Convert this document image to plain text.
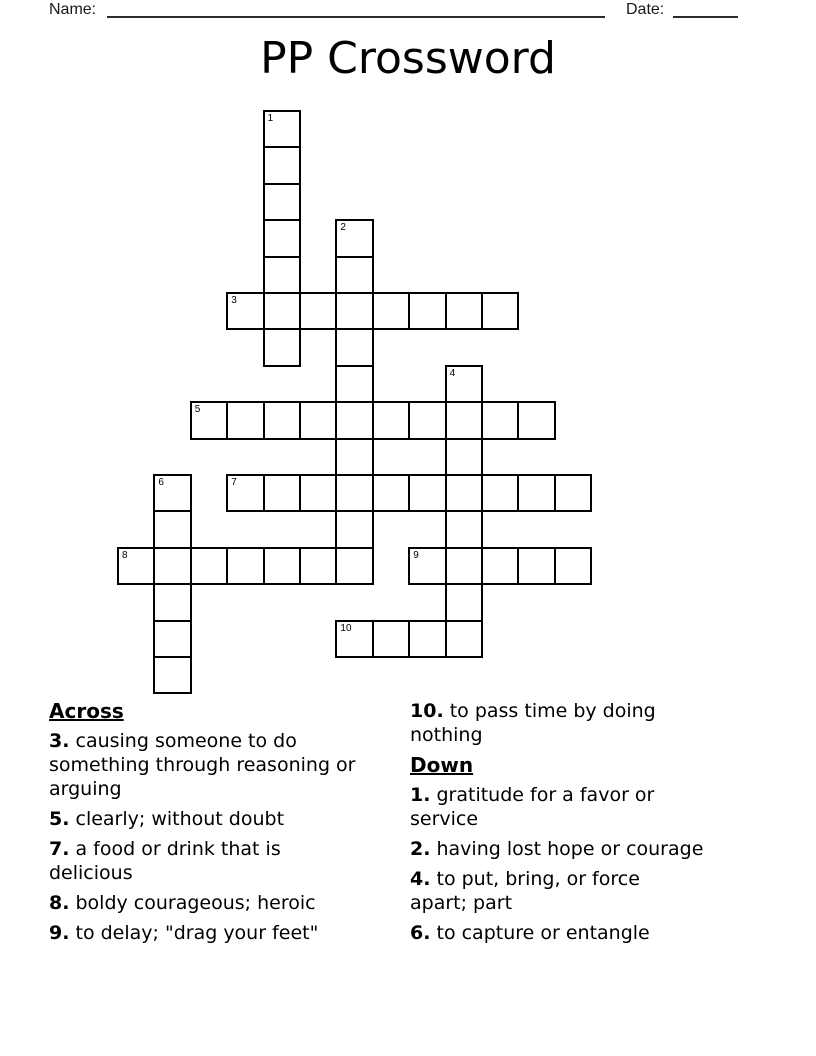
Name:	Date:
PP Crossword
1
2
3
4
5
6	7
8	9
10
Across

3. causing someone to do
something through reasoning or
arguing

5. clearly; without doubt

7. a food or drink that is
delicious

8. boldy courageous; heroic

9. to delay; "drag your feet"

10. to pass time by doing
nothing

Down

1. gratitude for a favor or
service

2. having lost hope or courage

4. to put, bring, or force
apart; part

6. to capture or entangle
